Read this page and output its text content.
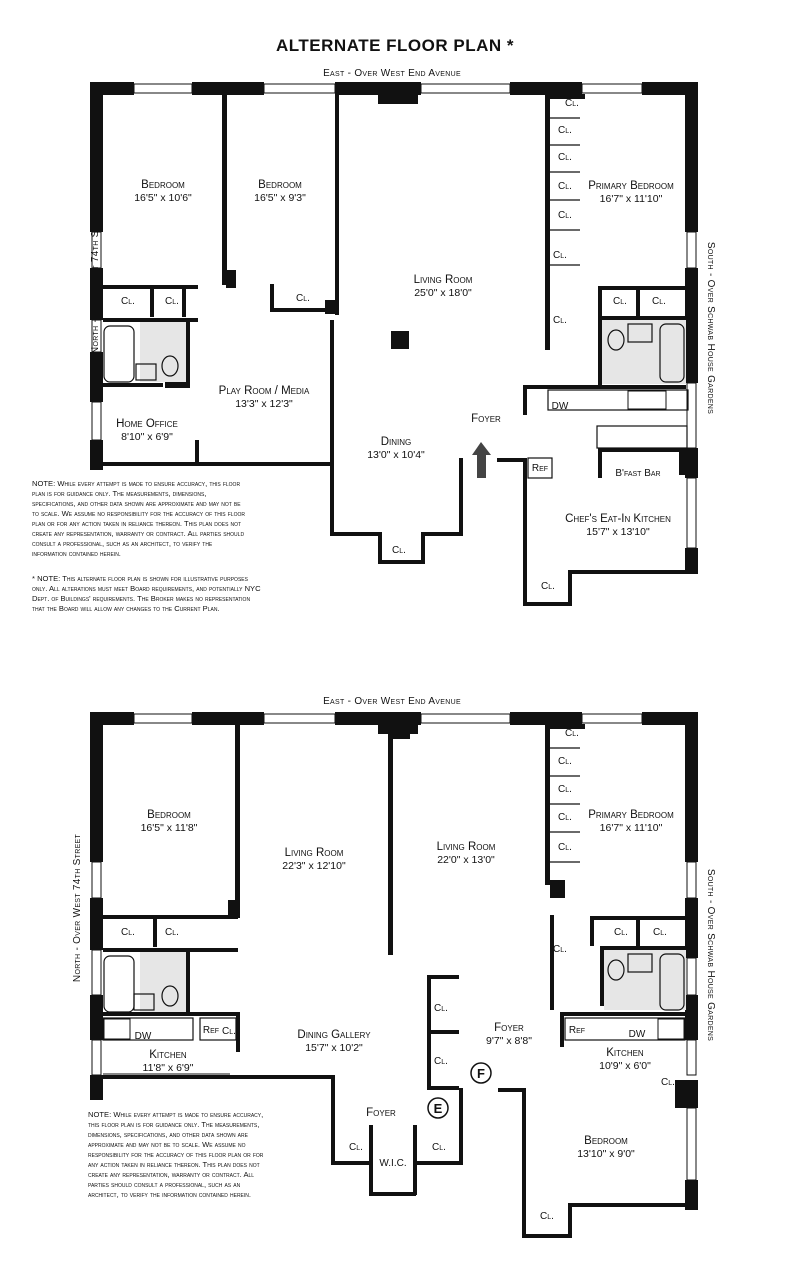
ALTERNATE FLOOR PLAN *
East - Over West End Avenue
South - Over Schwab House Gardens
Bedroom
16'5" x 10'6"
Bedroom
16'5" x 9'3"
Living Room
25'0" x 18'0"
Primary Bedroom
16'7" x 11'10"
Play Room / Media
13'3" x 12'3"
Home Office
8'10" x 6'9"	Dining
13'0" x 10'4"
Foyer
Chef's Eat-In Kitchen
15'7" x 13'10"
B'fast Bar
Cl.	Cl.	Cl.
Cl.
Cl.
Cl.
Cl.
Cl.
Cl.
Cl.
Cl.	Cl.
Cl.
Cl.
DW
Ref
NOTE: While every attempt is made to ensure accuracy, this floor
plan is for guidance only. The measurements, dimensions,
specifications, and other data shown are approximate and may not be
to scale. We assume no responsibility for the accuracy of this floor
plan or for any action taken in reliance thereon. This plan does not
create any representation, warranty or contract. All parties should
consult a professional, such as an architect, to verify the
information contained herein.
* NOTE: This alternate floor plan is shown for illustrative purposes
only. All alterations must meet Board requirements, and potentially NYC
Dept. of Buildings' requirements. The Broker makes no representation
that the Board will allow any changes to the Current Plan.
East - Over West End Avenue
North - Over West 74th Street	South - Over Schwab House Gardens
Bedroom
16'5" x 11'8"
Living Room
22'3" x 12'10"
Living Room
22'0" x 13'0"
Primary Bedroom
16'7" x 11'10"
Kitchen
11'8" x 6'9"
Dining Gallery
15'7" x 10'2"
Foyer
9'7" x 8'8"
Kitchen
10'9" x 6'0"
Foyer
W.I.C.
Bedroom
13'10" x 9'0"
F
E
Cl.	Cl.
Cl.
Cl.
Cl.
Cl.
Cl.
Cl.
Cl.	Cl.
Cl.
Cl.
Cl.	Cl.
Cl.
Cl.
Cl.
DW	DW
Ref	Ref
NOTE: While every attempt is made to ensure accuracy,
this floor plan is for guidance only. The measurements,
dimensions, specifications, and other data shown are
approximate and may not be to scale. We assume no
responsibility for the accuracy of this floor plan or for
any action taken in reliance thereon. This plan does not
create any representation, warranty or contract. All
parties should consult a professional, such as an
architect, to verify the information contained herein.
